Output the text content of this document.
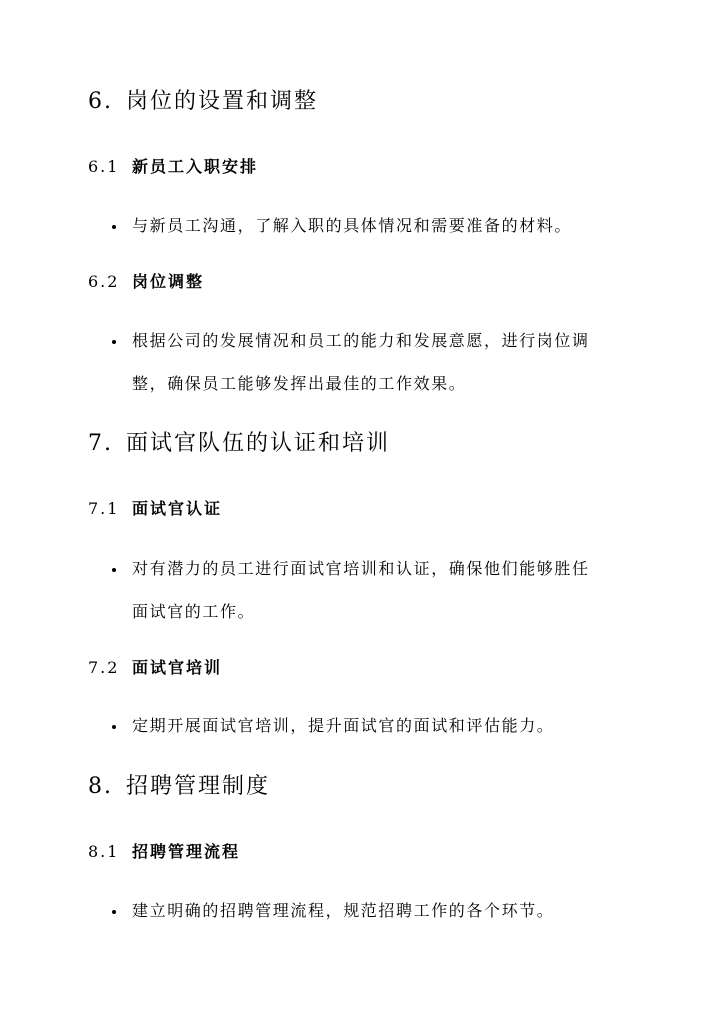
6. 岗位的设置和调整
6.1 新员工入职安排
与新员工沟通，了解入职的具体情况和需要准备的材料。
6.2 岗位调整
根据公司的发展情况和员工的能力和发展意愿，进行岗位调
整，确保员工能够发挥出最佳的工作效果。
7. 面试官队伍的认证和培训
7.1 面试官认证
对有潜力的员工进行面试官培训和认证，确保他们能够胜任
面试官的工作。
7.2 面试官培训
定期开展面试官培训，提升面试官的面试和评估能力。
8. 招聘管理制度
8.1 招聘管理流程
建立明确的招聘管理流程，规范招聘工作的各个环节。
